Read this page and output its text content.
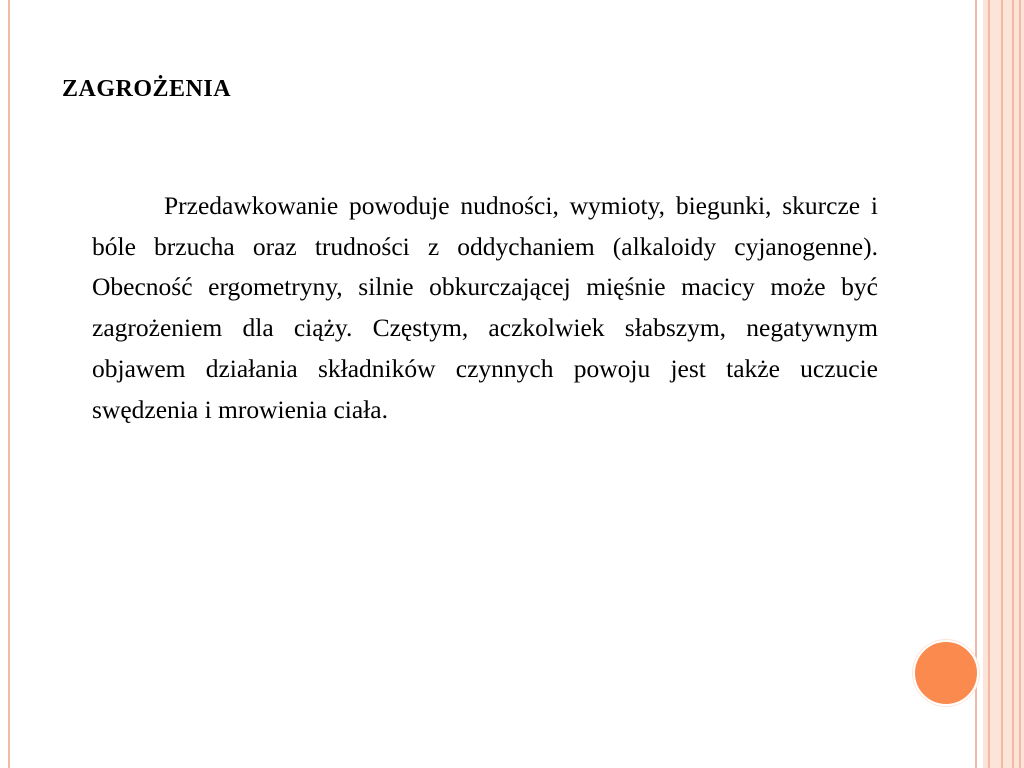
ZAGROŻENIA

Przedawkowanie powoduje nudności, wymioty, biegunki, skurcze i bóle brzucha oraz trudności z oddychaniem (alkaloidy cyjanogenne). Obecność ergometryny, silnie obkurczającej mięśnie macicy może być zagrożeniem dla ciąży. Częstym, aczkolwiek słabszym, negatywnym objawem działania składników czynnych powoju jest także uczucie swędzenia i mrowienia ciała.
